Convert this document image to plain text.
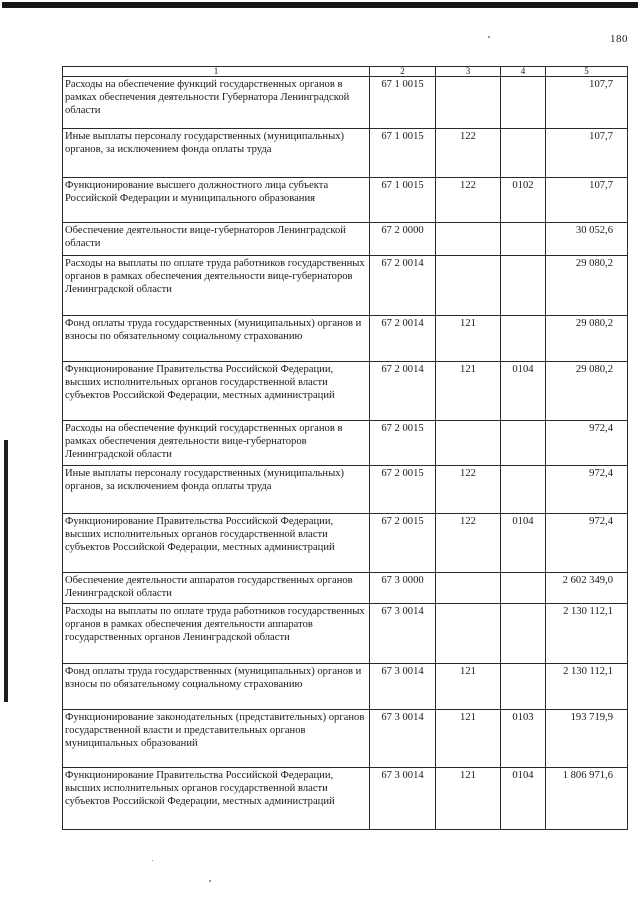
180
1	2	3	4	5
Расходы на обеспечение функций государственных органов в рамках обеспечения деятельности Губернатора Ленинградской области	67 1 0015			107,7
Иные выплаты персоналу государственных (муниципальных) органов, за исключением фонда оплаты труда	67 1 0015	122		107,7
Функционирование высшего должностного лица субъекта Российской Федерации и муниципального образования	67 1 0015	122	0102	107,7
Обеспечение деятельности вице-губернаторов Ленинградской области	67 2 0000			30 052,6
Расходы на выплаты по оплате труда работников государственных органов в рамках обеспечения деятельности вице-губернаторов Ленинградской области	67 2 0014			29 080,2
Фонд оплаты труда государственных (муниципальных) органов и взносы по обязательному социальному страхованию	67 2 0014	121		29 080,2
Функционирование Правительства Российской Федерации, высших исполнительных органов государственной власти субъектов Российской Федерации, местных администраций	67 2 0014	121	0104	29 080,2
Расходы на обеспечение функций государственных органов в рамках обеспечения деятельности вице-губернаторов Ленинградской области	67 2 0015			972,4
Иные выплаты персоналу государственных (муниципальных) органов, за исключением фонда оплаты труда	67 2 0015	122		972,4
Функционирование Правительства Российской Федерации, высших исполнительных органов государственной власти субъектов Российской Федерации, местных администраций	67 2 0015	122	0104	972,4
Обеспечение деятельности аппаратов государственных органов Ленинградской области	67 3 0000			2 602 349,0
Расходы на выплаты по оплате труда работников государственных органов в рамках обеспечения деятельности аппаратов государственных органов Ленинградской области	67 3 0014			2 130 112,1
Фонд оплаты труда государственных (муниципальных) органов и взносы по обязательному социальному страхованию	67 3 0014	121		2 130 112,1
Функционирование законодательных (представительных) органов государственной власти и представительных органов муниципальных образований	67 3 0014	121	0103	193 719,9
Функционирование Правительства Российской Федерации, высших исполнительных органов государственной власти субъектов Российской Федерации, местных администраций	67 3 0014	121	0104	1 806 971,6
